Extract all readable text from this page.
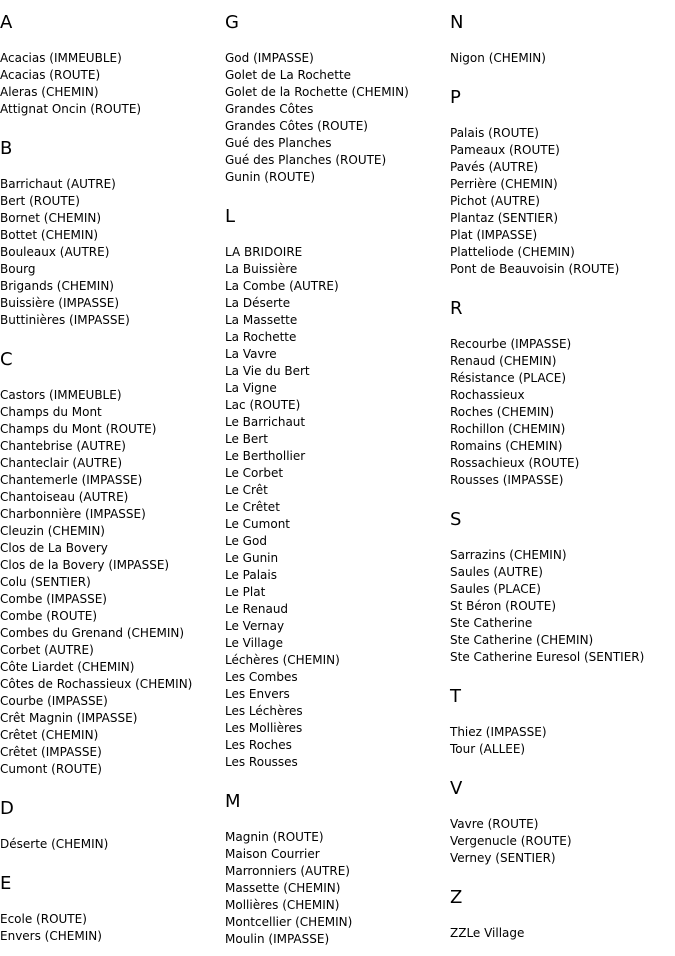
A
Acacias (IMMEUBLE)
Acacias (ROUTE)
Aleras (CHEMIN)
Attignat Oncin (ROUTE)
B
Barrichaut (AUTRE)
Bert (ROUTE)
Bornet (CHEMIN)
Bottet (CHEMIN)
Bouleaux (AUTRE)
Bourg
Brigands (CHEMIN)
Buissière (IMPASSE)
Buttinières (IMPASSE)
C
Castors (IMMEUBLE)
Champs du Mont
Champs du Mont (ROUTE)
Chantebrise (AUTRE)
Chanteclair (AUTRE)
Chantemerle (IMPASSE)
Chantoiseau (AUTRE)
Charbonnière (IMPASSE)
Cleuzin (CHEMIN)
Clos de La Bovery
Clos de la Bovery (IMPASSE)
Colu (SENTIER)
Combe (IMPASSE)
Combe (ROUTE)
Combes du Grenand (CHEMIN)
Corbet (AUTRE)
Côte Liardet (CHEMIN)
Côtes de Rochassieux (CHEMIN)
Courbe (IMPASSE)
Crêt Magnin (IMPASSE)
Crêtet (CHEMIN)
Crêtet (IMPASSE)
Cumont (ROUTE)
D
Déserte (CHEMIN)
E
Ecole (ROUTE)
Envers (CHEMIN)
G
God (IMPASSE)
Golet de La Rochette
Golet de la Rochette (CHEMIN)
Grandes Côtes
Grandes Côtes (ROUTE)
Gué des Planches
Gué des Planches (ROUTE)
Gunin (ROUTE)
L
LA BRIDOIRE
La Buissière
La Combe (AUTRE)
La Déserte
La Massette
La Rochette
La Vavre
La Vie du Bert
La Vigne
Lac (ROUTE)
Le Barrichaut
Le Bert
Le Berthollier
Le Corbet
Le Crêt
Le Crêtet
Le Cumont
Le God
Le Gunin
Le Palais
Le Plat
Le Renaud
Le Vernay
Le Village
Léchères (CHEMIN)
Les Combes
Les Envers
Les Léchères
Les Mollières
Les Roches
Les Rousses
M
Magnin (ROUTE)
Maison Courrier
Marronniers (AUTRE)
Massette (CHEMIN)
Mollières (CHEMIN)
Montcellier (CHEMIN)
Moulin (IMPASSE)
N
Nigon (CHEMIN)
P
Palais (ROUTE)
Pameaux (ROUTE)
Pavés (AUTRE)
Perrière (CHEMIN)
Pichot (AUTRE)
Plantaz (SENTIER)
Plat (IMPASSE)
Platteliode (CHEMIN)
Pont de Beauvoisin (ROUTE)
R
Recourbe (IMPASSE)
Renaud (CHEMIN)
Résistance (PLACE)
Rochassieux
Roches (CHEMIN)
Rochillon (CHEMIN)
Romains (CHEMIN)
Rossachieux (ROUTE)
Rousses (IMPASSE)
S
Sarrazins (CHEMIN)
Saules (AUTRE)
Saules (PLACE)
St Béron (ROUTE)
Ste Catherine
Ste Catherine (CHEMIN)
Ste Catherine Euresol (SENTIER)
T
Thiez (IMPASSE)
Tour (ALLEE)
V
Vavre (ROUTE)
Vergenucle (ROUTE)
Verney (SENTIER)
Z
ZZLe Village
